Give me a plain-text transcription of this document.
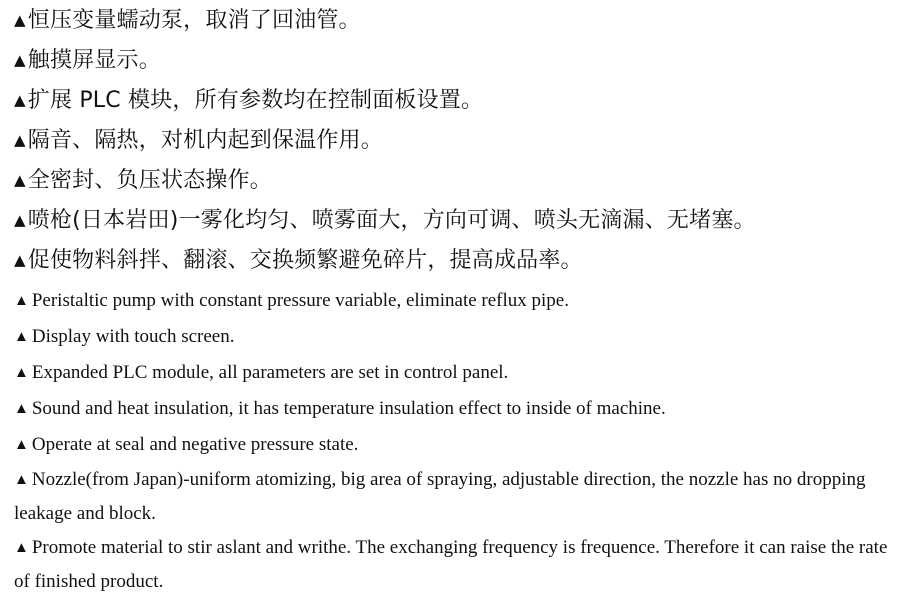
▲恒压变量蠕动泵，取消了回油管。
▲触摸屏显示。
▲扩展 PLC 模块，所有参数均在控制面板设置。
▲隔音、隔热，对机内起到保温作用。
▲全密封、负压状态操作。
▲喷枪(日本岩田)一雾化均匀、喷雾面大，方向可调、喷头无滴漏、无堵塞。
▲促使物料斜拌、翻滚、交换频繁避免碎片，提高成品率。
▲ Peristaltic pump with constant pressure variable, eliminate reflux pipe.
▲ Display with touch screen.
▲ Expanded PLC module, all parameters are set in control panel.
▲ Sound and heat insulation, it has temperature insulation effect to inside of machine.
▲ Operate at seal and negative pressure state.
▲ Nozzle(from Japan)-uniform atomizing, big area of spraying, adjustable direction, the nozzle has no dropping leakage and block.
▲ Promote material to stir aslant and writhe. The exchanging frequency is frequence. Therefore it can raise the rate of finished product.
